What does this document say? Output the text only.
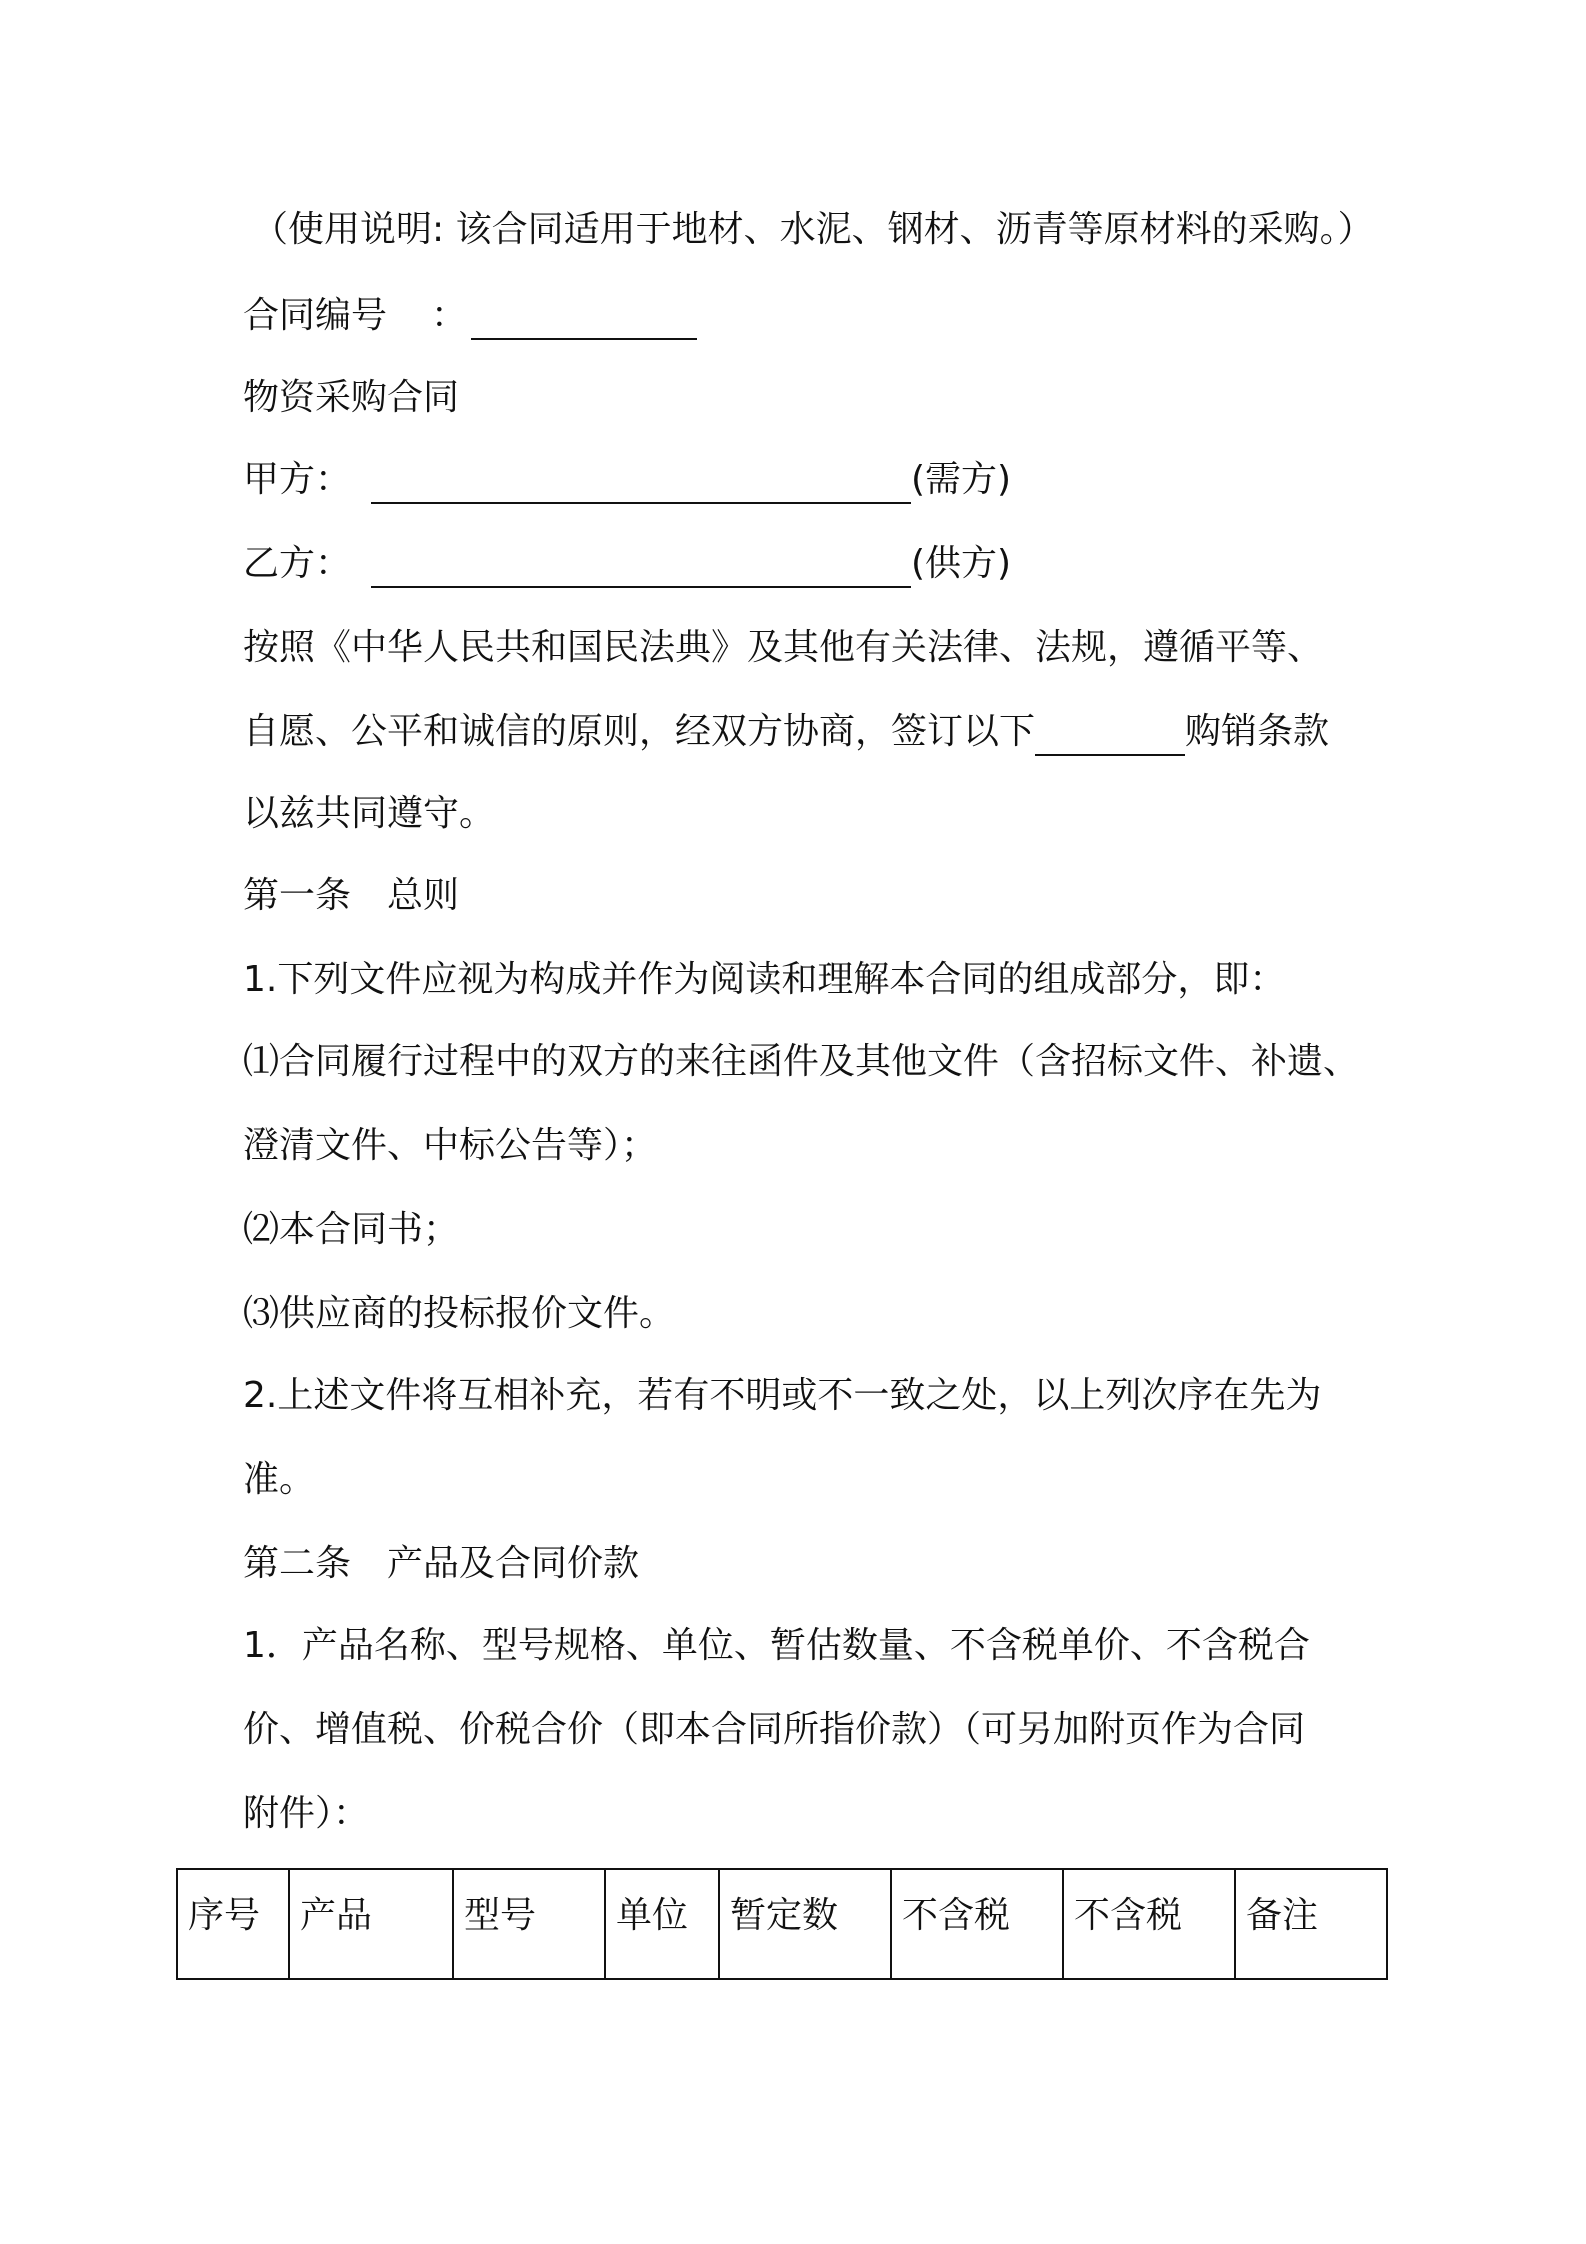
（使用说明: 该合同适用于地材、水泥、钢材、沥青等原材料的采购。）
合同编号 ：
物资采购合同
甲方：	(需方)
乙方：	(供方)
按照《中华人民共和国民法典》及其他有关法律、法规，遵循平等、
自愿、公平和诚信的原则，经双方协商，签订以下	购销条款
以兹共同遵守。
第一条　总则
1.下列文件应视为构成并作为阅读和理解本合同的组成部分，即：
⑴合同履行过程中的双方的来往函件及其他文件（含招标文件、补遗、
澄清文件、中标公告等）；
⑵本合同书；
⑶供应商的投标报价文件。
2.上述文件将互相补充，若有不明或不一致之处，以上列次序在先为
准。
第二条　产品及合同价款
1．产品名称、型号规格、单位、暂估数量、不含税单价、不含税合
价、增值税、价税合价（即本合同所指价款）（可另加附页作为合同
附件）：
序号	产品	型号	单位	暂定数	不含税	不含税	备注
